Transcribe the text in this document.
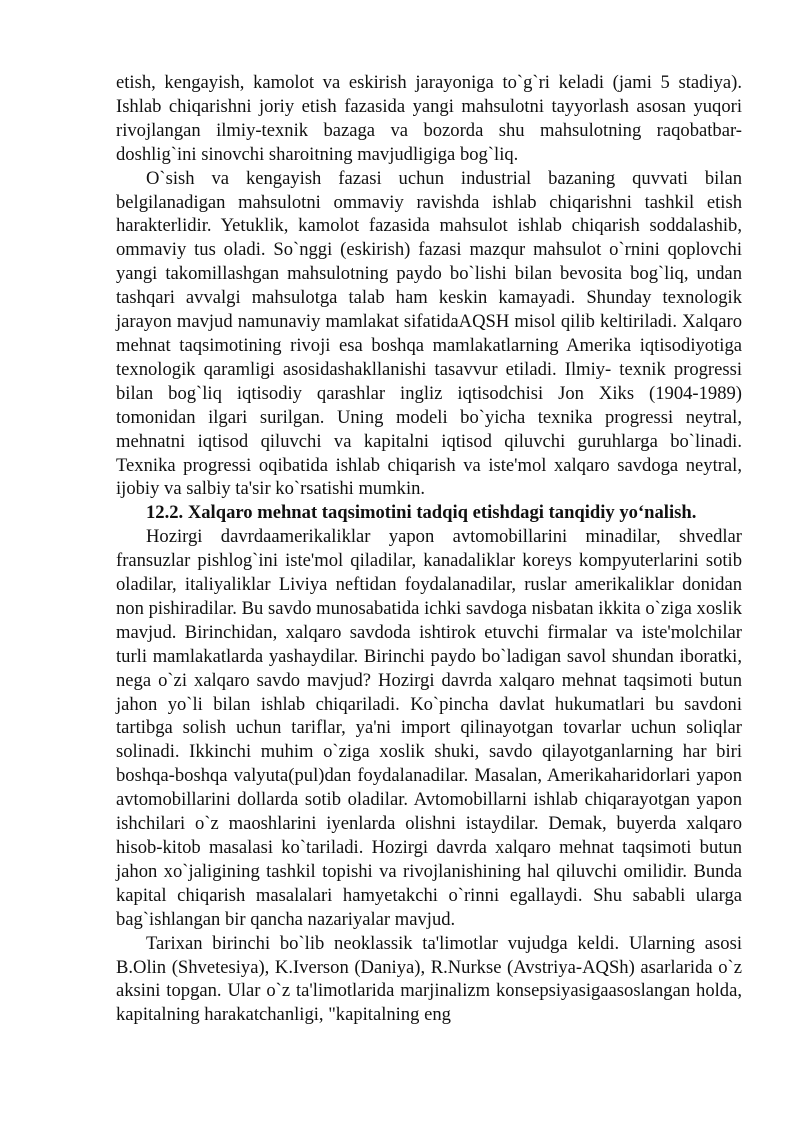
etish, kengayish, kamolot va eskirish jarayoniga to`g`ri keladi (jami 5 stadiya). Ishlab chiqarishni joriy etish fazasida yangi mahsulotni tayyorlash asosan yuqori rivojlangan ilmiy-texnik bazaga va bozorda shu mahsulotning raqobatbar-doshlig`ini sinovchi sharoitning mavjudligiga bog`liq.

O`sish va kengayish fazasi uchun industrial bazaning quvvati bilan belgilanadigan mahsulotni ommaviy ravishda ishlab chiqarishni tashkil etish harakterlidir. Yetuklik, kamolot fazasida mahsulot ishlab chiqarish soddalashib, ommaviy tus oladi. So`nggi (eskirish) fazasi mazqur mahsulot o`rnini qoplovchi yangi takomillashgan mahsulotning paydo bo`lishi bilan bevosita bog`liq, undan tashqari avvalgi mahsulotga talab ham keskin kamayadi. Shunday texnologik jarayon mavjud namunaviy mamlakat sifatidaAQSH misol qilib keltiriladi. Xalqaro mehnat taqsimotining rivoji esa boshqa mamlakatlarning Amerika iqtisodiyotiga texnologik qaramligi asosidashakllanishi tasavvur etiladi. Ilmiy- texnik progressi bilan bog`liq iqtisodiy qarashlar ingliz iqtisodchisi Jon Xiks (1904-1989) tomonidan ilgari surilgan. Uning modeli bo`yicha texnika progressi neytral, mehnatni iqtisod qiluvchi va kapitalni iqtisod qiluvchi guruhlarga bo`linadi. Texnika progressi oqibatida ishlab chiqarish va iste'mol xalqaro savdoga neytral, ijobiy va salbiy ta'sir ko`rsatishi mumkin.

12.2. Xalqaro mehnat taqsimotini tadqiq etishdagi tanqidiy yo‘nalish.

Hozirgi davrdaamerikaliklar yapon avtomobillarini minadilar, shvedlar fransuzlar pishlog`ini iste'mol qiladilar, kanadaliklar koreys kompyuterlarini sotib oladilar, italiyaliklar Liviya neftidan foydalanadilar, ruslar amerikaliklar donidan non pishiradilar. Bu savdo munosabatida ichki savdoga nisbatan ikkita o`ziga xoslik mavjud. Birinchidan, xalqaro savdoda ishtirok etuvchi firmalar va iste'molchilar turli mamlakatlarda yashaydilar. Birinchi paydo bo`ladigan savol shundan iboratki, nega o`zi xalqaro savdo mavjud? Hozirgi davrda xalqaro mehnat taqsimoti butun jahon yo`li bilan ishlab chiqariladi. Ko`pincha davlat hukumatlari bu savdoni tartibga solish uchun tariflar, ya'ni import qilinayotgan tovarlar uchun soliqlar solinadi. Ikkinchi muhim o`ziga xoslik shuki, savdo qilayotganlarning har biri boshqa-boshqa valyuta(pul)dan foydalanadilar. Masalan, Amerikaharidorlari yapon avtomobillarini dollarda sotib oladilar. Avtomobillarni ishlab chiqarayotgan yapon ishchilari o`z maoshlarini iyenlarda olishni istaydilar. Demak, buyerda xalqaro hisob-kitob masalasi ko`tariladi. Hozirgi davrda xalqaro mehnat taqsimoti butun jahon xo`jaligining tashkil topishi va rivojlanishining hal qiluvchi omilidir. Bunda kapital chiqarish masalalari hamyetakchi o`rinni egallaydi. Shu sababli ularga bag`ishlangan bir qancha nazariyalar mavjud.

Tarixan birinchi bo`lib neoklassik ta'limotlar vujudga keldi. Ularning asosi B.Olin (Shvetesiya), K.Iverson (Daniya), R.Nurkse (Avstriya-AQSh) asarlarida o`z aksini topgan. Ular o`z ta'limotlarida marjinalizm konsepsiyasigaasoslangan holda, kapitalning harakatchanligi, "kapitalning eng
